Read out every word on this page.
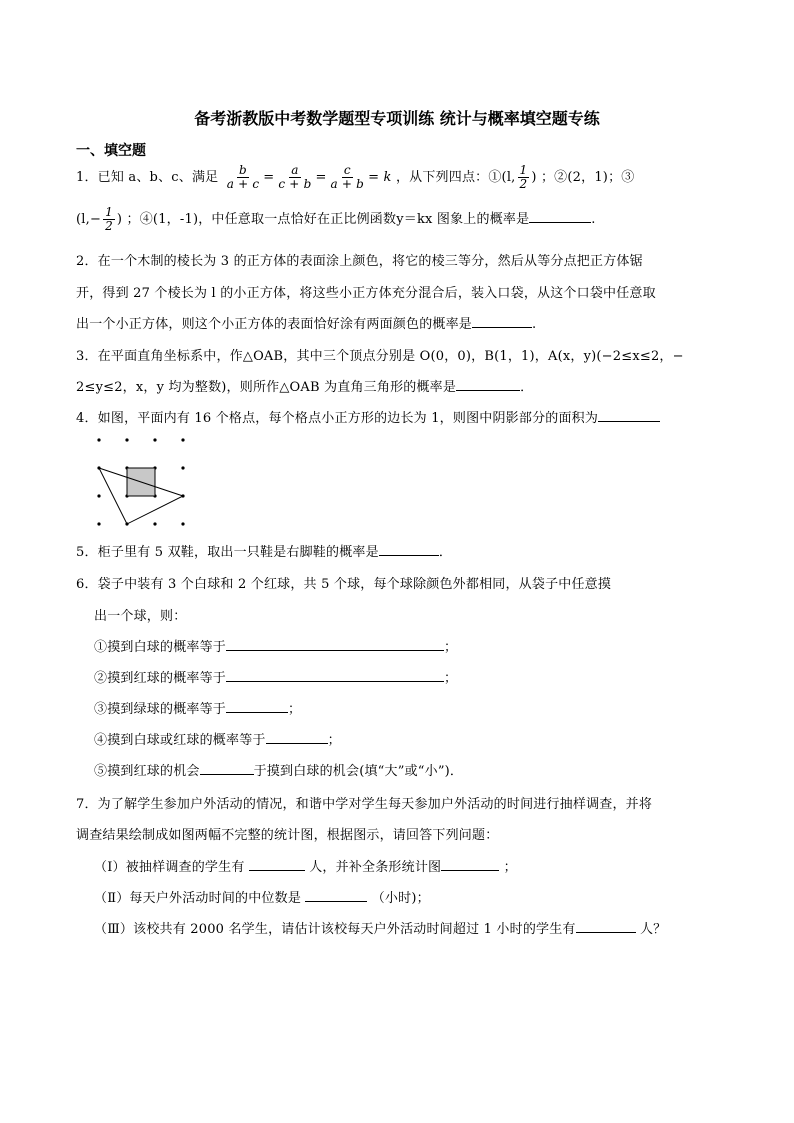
备考浙教版中考数学题型专项训练 统计与概率填空题专练
一、填空题
1．已知 a、b、c、满足 $\frac{b}{a + c} = \frac{a}{c + b} = \frac{c}{a + b} = k$ ，从下列四点：① (l, $\frac{1}{2}$ ) ；②(2，1)；③
($l,- \frac{1}{2}$ ) ；④(1，-1)，中任意取一点恰好在正比例函数y＝kx 图象上的概率是	.
2．在一个木制的棱长为 3 的正方体的表面涂上颜色，将它的棱三等分，然后从等分点把正方体锯
开，得到 27 个棱长为 l 的小正方体，将这些小正方体充分混合后，装入口袋，从这个口袋中任意取
出一个小正方体，则这个小正方体的表面恰好涂有两面颜色的概率是	.
3．在平面直角坐标系中，作△OAB，其中三个顶点分别是 O(0，0)，B(1，1)，A(x，y)(−2≤x≤2，−
2≤y≤2，x，y 均为整数)，则所作△OAB 为直角三角形的概率是	．
4．如图，平面内有 16 个格点，每个格点小正方形的边长为 1，则图中阴影部分的面积为
5．柜子里有 5 双鞋，取出一只鞋是右脚鞋的概率是	．
6．袋子中装有 3 个白球和 2 个红球，共 5 个球，每个球除颜色外都相同，从袋子中任意摸
出一个球，则：
①摸到白球的概率等于	；
②摸到红球的概率等于	；
③摸到绿球的概率等于	；
④摸到白球或红球的概率等于	；
⑤摸到红球的机会	于摸到白球的机会(填“大”或“小”)．
7．为了解学生参加户外活动的情况，和谐中学对学生每天参加户外活动的时间进行抽样调查，并将
调查结果绘制成如图两幅不完整的统计图，根据图示，请回答下列问题：
（Ⅰ）被抽样调查的学生有	人，并补全条形统计图	；
（Ⅱ）每天户外活动时间的中位数是	（小时)；
（Ⅲ）该校共有 2000 名学生，请估计该校每天户外活动时间超过 1 小时的学生有	人？
